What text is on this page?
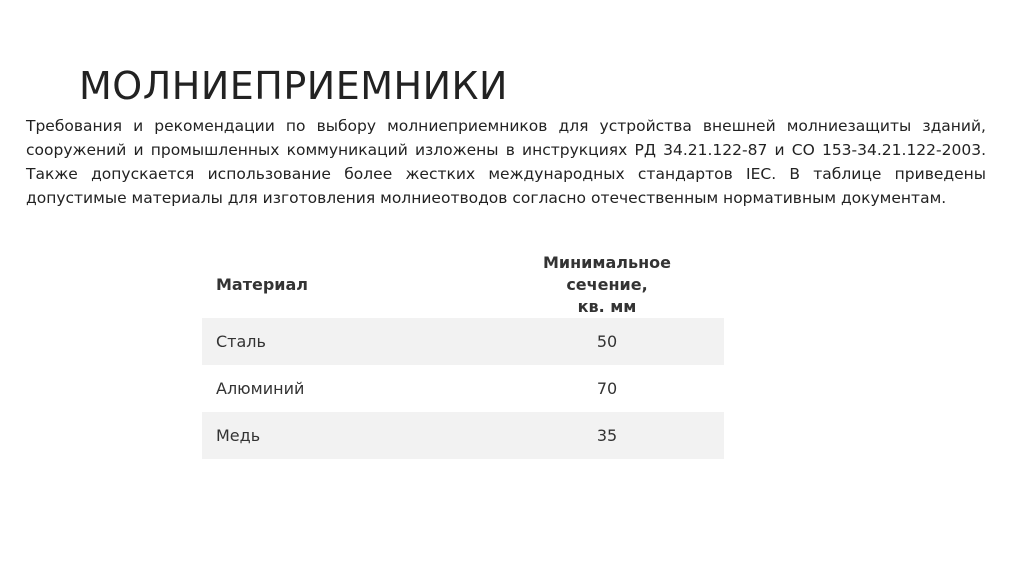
МОЛНИЕПРИЕМНИКИ

Требования и рекомендации по выбору молниеприемников для устройства внешней молниезащиты зданий, сооружений и промышленных коммуникаций изложены в инструкциях РД 34.21.122-87 и СО 153-34.21.122-2003. Также допускается использование более жестких международных стандартов IEC. В таблице приведены допустимые материалы для изготовления молниеотводов согласно отечественным нормативным документам.

Материал	Минимальное сечение,
кв. мм
Сталь	50
Алюминий	70
Медь	35
